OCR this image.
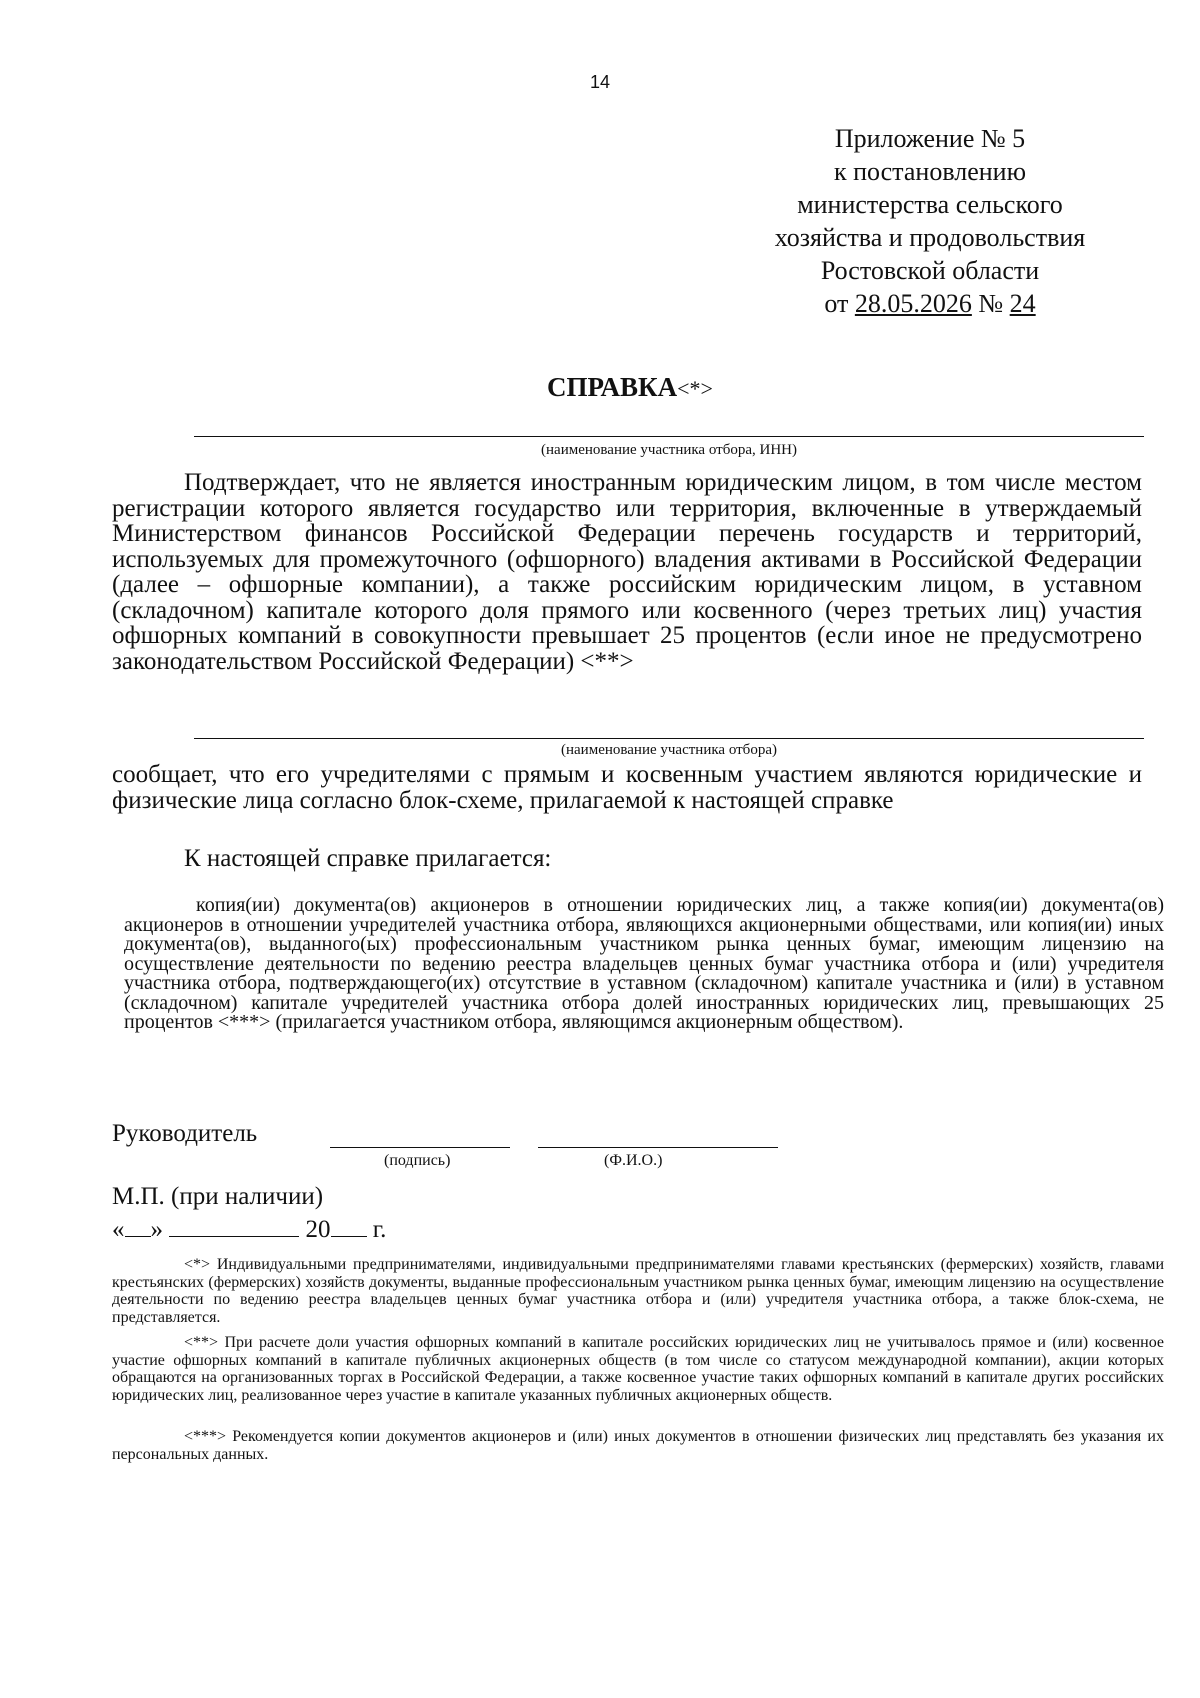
14
Приложение № 5
к постановлению
министерства сельского
хозяйства и продовольствия
Ростовской области
от 28.05.2026 № 24
СПРАВКА<*>
(наименование участника отбора, ИНН)
Подтверждает, что не является иностранным юридическим лицом, в том числе местом регистрации которого является государство или территория, включенные в утверждаемый Министерством финансов Российской Федерации перечень государств и территорий, используемых для промежуточного (офшорного) владения активами в Российской Федерации (далее – офшорные компании), а также российским юридическим лицом, в уставном (складочном) капитале которого доля прямого или косвенного (через третьих лиц) участия офшорных компаний в совокупности превышает 25 процентов (если иное не предусмотрено законодательством Российской Федерации) <**>
(наименование участника отбора)
сообщает, что его учредителями с прямым и косвенным участием являются юридические и физические лица согласно блок-схеме, прилагаемой к настоящей справке
К настоящей справке прилагается:
копия(ии) документа(ов) акционеров в отношении юридических лиц, а также копия(ии) документа(ов) акционеров в отношении учредителей участника отбора, являющихся акционерными обществами, или копия(ии) иных документа(ов), выданного(ых) профессиональным участником рынка ценных бумаг, имеющим лицензию на осуществление деятельности по ведению реестра владельцев ценных бумаг участника отбора и (или) учредителя участника отбора, подтверждающего(их) отсутствие в уставном (складочном) капитале участника и (или) в уставном (складочном) капитале учредителей участника отбора долей иностранных юридических лиц, превышающих 25 процентов <***> (прилагается участником отбора, являющимся акционерным обществом).
Руководитель
(подпись)	(Ф.И.О.)
М.П. (при наличии)
« »	20 г.
<*> Индивидуальными предпринимателями, индивидуальными предпринимателями главами крестьянских (фермерских) хозяйств, главами крестьянских (фермерских) хозяйств документы, выданные профессиональным участником рынка ценных бумаг, имеющим лицензию на осуществление деятельности по ведению реестра владельцев ценных бумаг участника отбора и (или) учредителя участника отбора, а также блок-схема, не представляется.
<**> При расчете доли участия офшорных компаний в капитале российских юридических лиц не учитывалось прямое и (или) косвенное участие офшорных компаний в капитале публичных акционерных обществ (в том числе со статусом международной компании), акции которых обращаются на организованных торгах в Российской Федерации, а также косвенное участие таких офшорных компаний в капитале других российских юридических лиц, реализованное через участие в капитале указанных публичных акционерных обществ.
<***> Рекомендуется копии документов акционеров и (или) иных документов в отношении физических лиц представлять без указания их персональных данных.
